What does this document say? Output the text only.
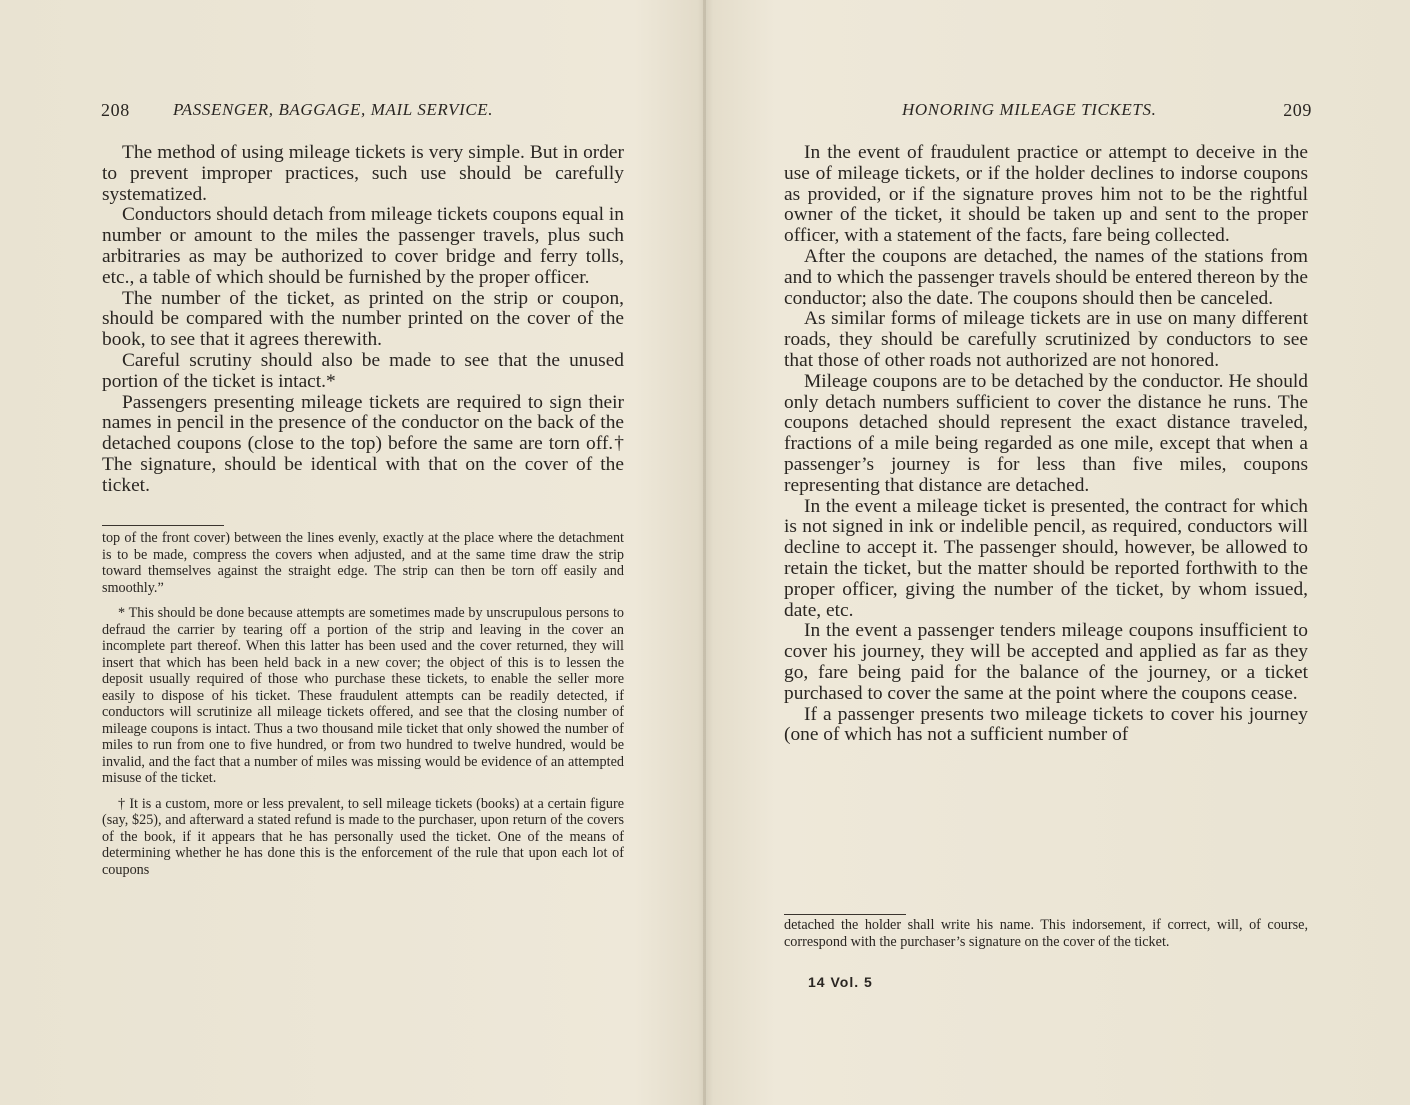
208	PASSENGER, BAGGAGE, MAIL SERVICE.

The method of using mileage tickets is very simple. But in order to prevent improper practices, such use should be carefully systematized.

Conductors should detach from mileage tickets coupons equal in number or amount to the miles the passenger travels, plus such arbitraries as may be authorized to cover bridge and ferry tolls, etc., a table of which should be furnished by the proper officer.

The number of the ticket, as printed on the strip or coupon, should be compared with the number printed on the cover of the book, to see that it agrees therewith.

Careful scrutiny should also be made to see that the unused portion of the ticket is intact.*

Passengers presenting mileage tickets are required to sign their names in pencil in the presence of the conductor on the back of the detached coupons (close to the top) before the same are torn off.† The signature, should be identical with that on the cover of the ticket.

top of the front cover) between the lines evenly, exactly at the place where the detachment is to be made, compress the covers when adjusted, and at the same time draw the strip toward themselves against the straight edge. The strip can then be torn off easily and smoothly.”

* This should be done because attempts are sometimes made by unscrupulous persons to defraud the carrier by tearing off a portion of the strip and leaving in the cover an incomplete part thereof. When this latter has been used and the cover returned, they will insert that which has been held back in a new cover; the object of this is to lessen the deposit usually required of those who purchase these tickets, to enable the seller more easily to dispose of his ticket. These fraudulent attempts can be readily detected, if conductors will scrutinize all mileage tickets offered, and see that the closing number of mileage coupons is intact. Thus a two thousand mile ticket that only showed the number of miles to run from one to five hundred, or from two hundred to twelve hundred, would be invalid, and the fact that a number of miles was missing would be evidence of an attempted misuse of the ticket.

† It is a custom, more or less prevalent, to sell mileage tickets (books) at a certain figure (say, $25), and afterward a stated refund is made to the purchaser, upon return of the covers of the book, if it appears that he has personally used the ticket. One of the means of determining whether he has done this is the enforcement of the rule that upon each lot of coupons

HONORING MILEAGE TICKETS.	209

In the event of fraudulent practice or attempt to deceive in the use of mileage tickets, or if the holder declines to indorse coupons as provided, or if the signature proves him not to be the rightful owner of the ticket, it should be taken up and sent to the proper officer, with a statement of the facts, fare being collected.

After the coupons are detached, the names of the stations from and to which the passenger travels should be entered thereon by the conductor; also the date. The coupons should then be canceled.

As similar forms of mileage tickets are in use on many different roads, they should be carefully scrutinized by conductors to see that those of other roads not authorized are not honored.

Mileage coupons are to be detached by the conductor. He should only detach numbers sufficient to cover the distance he runs. The coupons detached should represent the exact distance traveled, fractions of a mile being regarded as one mile, except that when a passenger’s journey is for less than five miles, coupons representing that distance are detached.

In the event a mileage ticket is presented, the contract for which is not signed in ink or indelible pencil, as required, conductors will decline to accept it. The passenger should, however, be allowed to retain the ticket, but the matter should be reported forthwith to the proper officer, giving the number of the ticket, by whom issued, date, etc.

In the event a passenger tenders mileage coupons insufficient to cover his journey, they will be accepted and applied as far as they go, fare being paid for the balance of the journey, or a ticket purchased to cover the same at the point where the coupons cease.

If a passenger presents two mileage tickets to cover his journey (one of which has not a sufficient number of

detached the holder shall write his name. This indorsement, if correct, will, of course, correspond with the purchaser’s signature on the cover of the ticket.

14 Vol. 5
